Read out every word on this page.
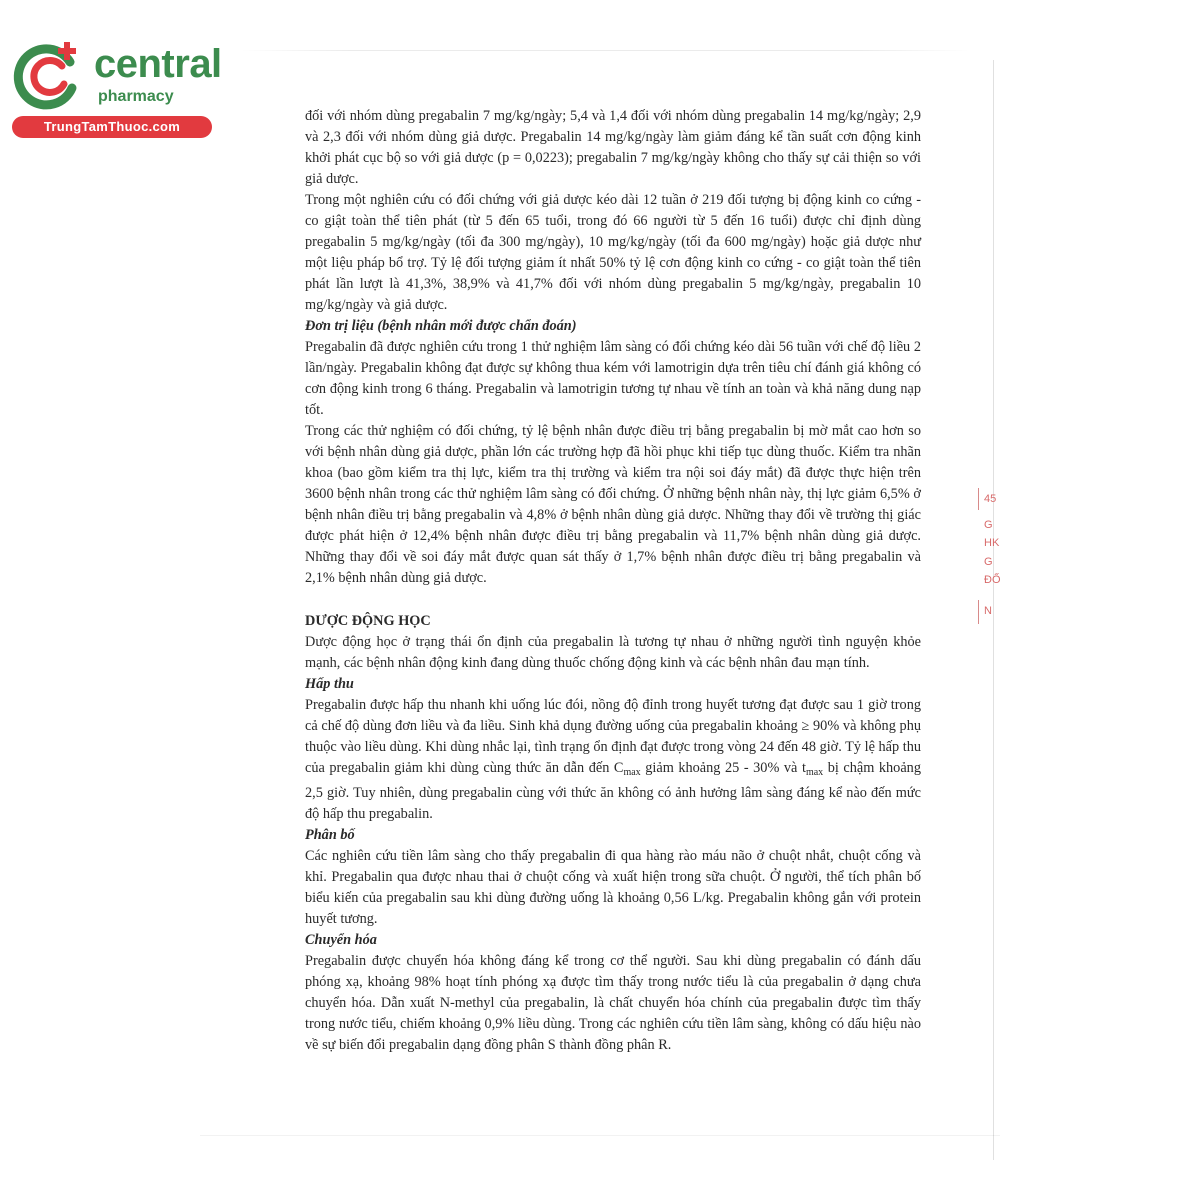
central
pharmacy
TrungTamThuoc.com

đối với nhóm dùng pregabalin 7 mg/kg/ngày; 5,4 và 1,4 đối với nhóm dùng pregabalin 14 mg/kg/ngày; 2,9 và 2,3 đối với nhóm dùng giả dược. Pregabalin 14 mg/kg/ngày làm giảm đáng kể tần suất cơn động kinh khởi phát cục bộ so với giả dược (p = 0,0223); pregabalin 7 mg/kg/ngày không cho thấy sự cải thiện so với giả dược.

Trong một nghiên cứu có đối chứng với giả dược kéo dài 12 tuần ở 219 đối tượng bị động kinh co cứng - co giật toàn thể tiên phát (từ 5 đến 65 tuổi, trong đó 66 người từ 5 đến 16 tuổi) được chỉ định dùng pregabalin 5 mg/kg/ngày (tối đa 300 mg/ngày), 10 mg/kg/ngày (tối đa 600 mg/ngày) hoặc giả dược như một liệu pháp bổ trợ. Tỷ lệ đối tượng giảm ít nhất 50% tỷ lệ cơn động kinh co cứng - co giật toàn thể tiên phát lần lượt là 41,3%, 38,9% và 41,7% đối với nhóm dùng pregabalin 5 mg/kg/ngày, pregabalin 10 mg/kg/ngày và giả dược.

Đơn trị liệu (bệnh nhân mới được chẩn đoán)

Pregabalin đã được nghiên cứu trong 1 thử nghiệm lâm sàng có đối chứng kéo dài 56 tuần với chế độ liều 2 lần/ngày. Pregabalin không đạt được sự không thua kém với lamotrigin dựa trên tiêu chí đánh giá không có cơn động kinh trong 6 tháng. Pregabalin và lamotrigin tương tự nhau về tính an toàn và khả năng dung nạp tốt.

Trong các thử nghiệm có đối chứng, tỷ lệ bệnh nhân được điều trị bằng pregabalin bị mờ mắt cao hơn so với bệnh nhân dùng giả dược, phần lớn các trường hợp đã hồi phục khi tiếp tục dùng thuốc. Kiểm tra nhãn khoa (bao gồm kiểm tra thị lực, kiểm tra thị trường và kiểm tra nội soi đáy mắt) đã được thực hiện trên 3600 bệnh nhân trong các thử nghiệm lâm sàng có đối chứng. Ở những bệnh nhân này, thị lực giảm 6,5% ở bệnh nhân điều trị bằng pregabalin và 4,8% ở bệnh nhân dùng giả dược. Những thay đổi về trường thị giác được phát hiện ở 12,4% bệnh nhân được điều trị bằng pregabalin và 11,7% bệnh nhân dùng giả dược. Những thay đổi về soi đáy mắt được quan sát thấy ở 1,7% bệnh nhân được điều trị bằng pregabalin và 2,1% bệnh nhân dùng giả dược.

DƯỢC ĐỘNG HỌC

Dược động học ở trạng thái ổn định của pregabalin là tương tự nhau ở những người tình nguyện khỏe mạnh, các bệnh nhân động kinh đang dùng thuốc chống động kinh và các bệnh nhân đau mạn tính.

Hấp thu

Pregabalin được hấp thu nhanh khi uống lúc đói, nồng độ đỉnh trong huyết tương đạt được sau 1 giờ trong cả chế độ dùng đơn liều và đa liều. Sinh khả dụng đường uống của pregabalin khoảng ≥ 90% và không phụ thuộc vào liều dùng. Khi dùng nhắc lại, tình trạng ổn định đạt được trong vòng 24 đến 48 giờ. Tỷ lệ hấp thu của pregabalin giảm khi dùng cùng thức ăn dẫn đến $C_{max}$ giảm khoảng 25 - 30% và $t_{max}$ bị chậm khoảng 2,5 giờ. Tuy nhiên, dùng pregabalin cùng với thức ăn không có ảnh hưởng lâm sàng đáng kể nào đến mức độ hấp thu pregabalin.

Phân bố

Các nghiên cứu tiền lâm sàng cho thấy pregabalin đi qua hàng rào máu não ở chuột nhắt, chuột cống và khỉ. Pregabalin qua được nhau thai ở chuột cống và xuất hiện trong sữa chuột. Ở người, thể tích phân bố biểu kiến của pregabalin sau khi dùng đường uống là khoảng 0,56 L/kg. Pregabalin không gắn với protein huyết tương.

Chuyển hóa

Pregabalin được chuyển hóa không đáng kể trong cơ thể người. Sau khi dùng pregabalin có đánh dấu phóng xạ, khoảng 98% hoạt tính phóng xạ được tìm thấy trong nước tiểu là của pregabalin ở dạng chưa chuyển hóa. Dẫn xuất N-methyl của pregabalin, là chất chuyển hóa chính của pregabalin được tìm thấy trong nước tiểu, chiếm khoảng 0,9% liều dùng. Trong các nghiên cứu tiền lâm sàng, không có dấu hiệu nào về sự biến đổi pregabalin dạng đồng phân S thành đồng phân R.

45
G
HK
G
ĐỐ
N
